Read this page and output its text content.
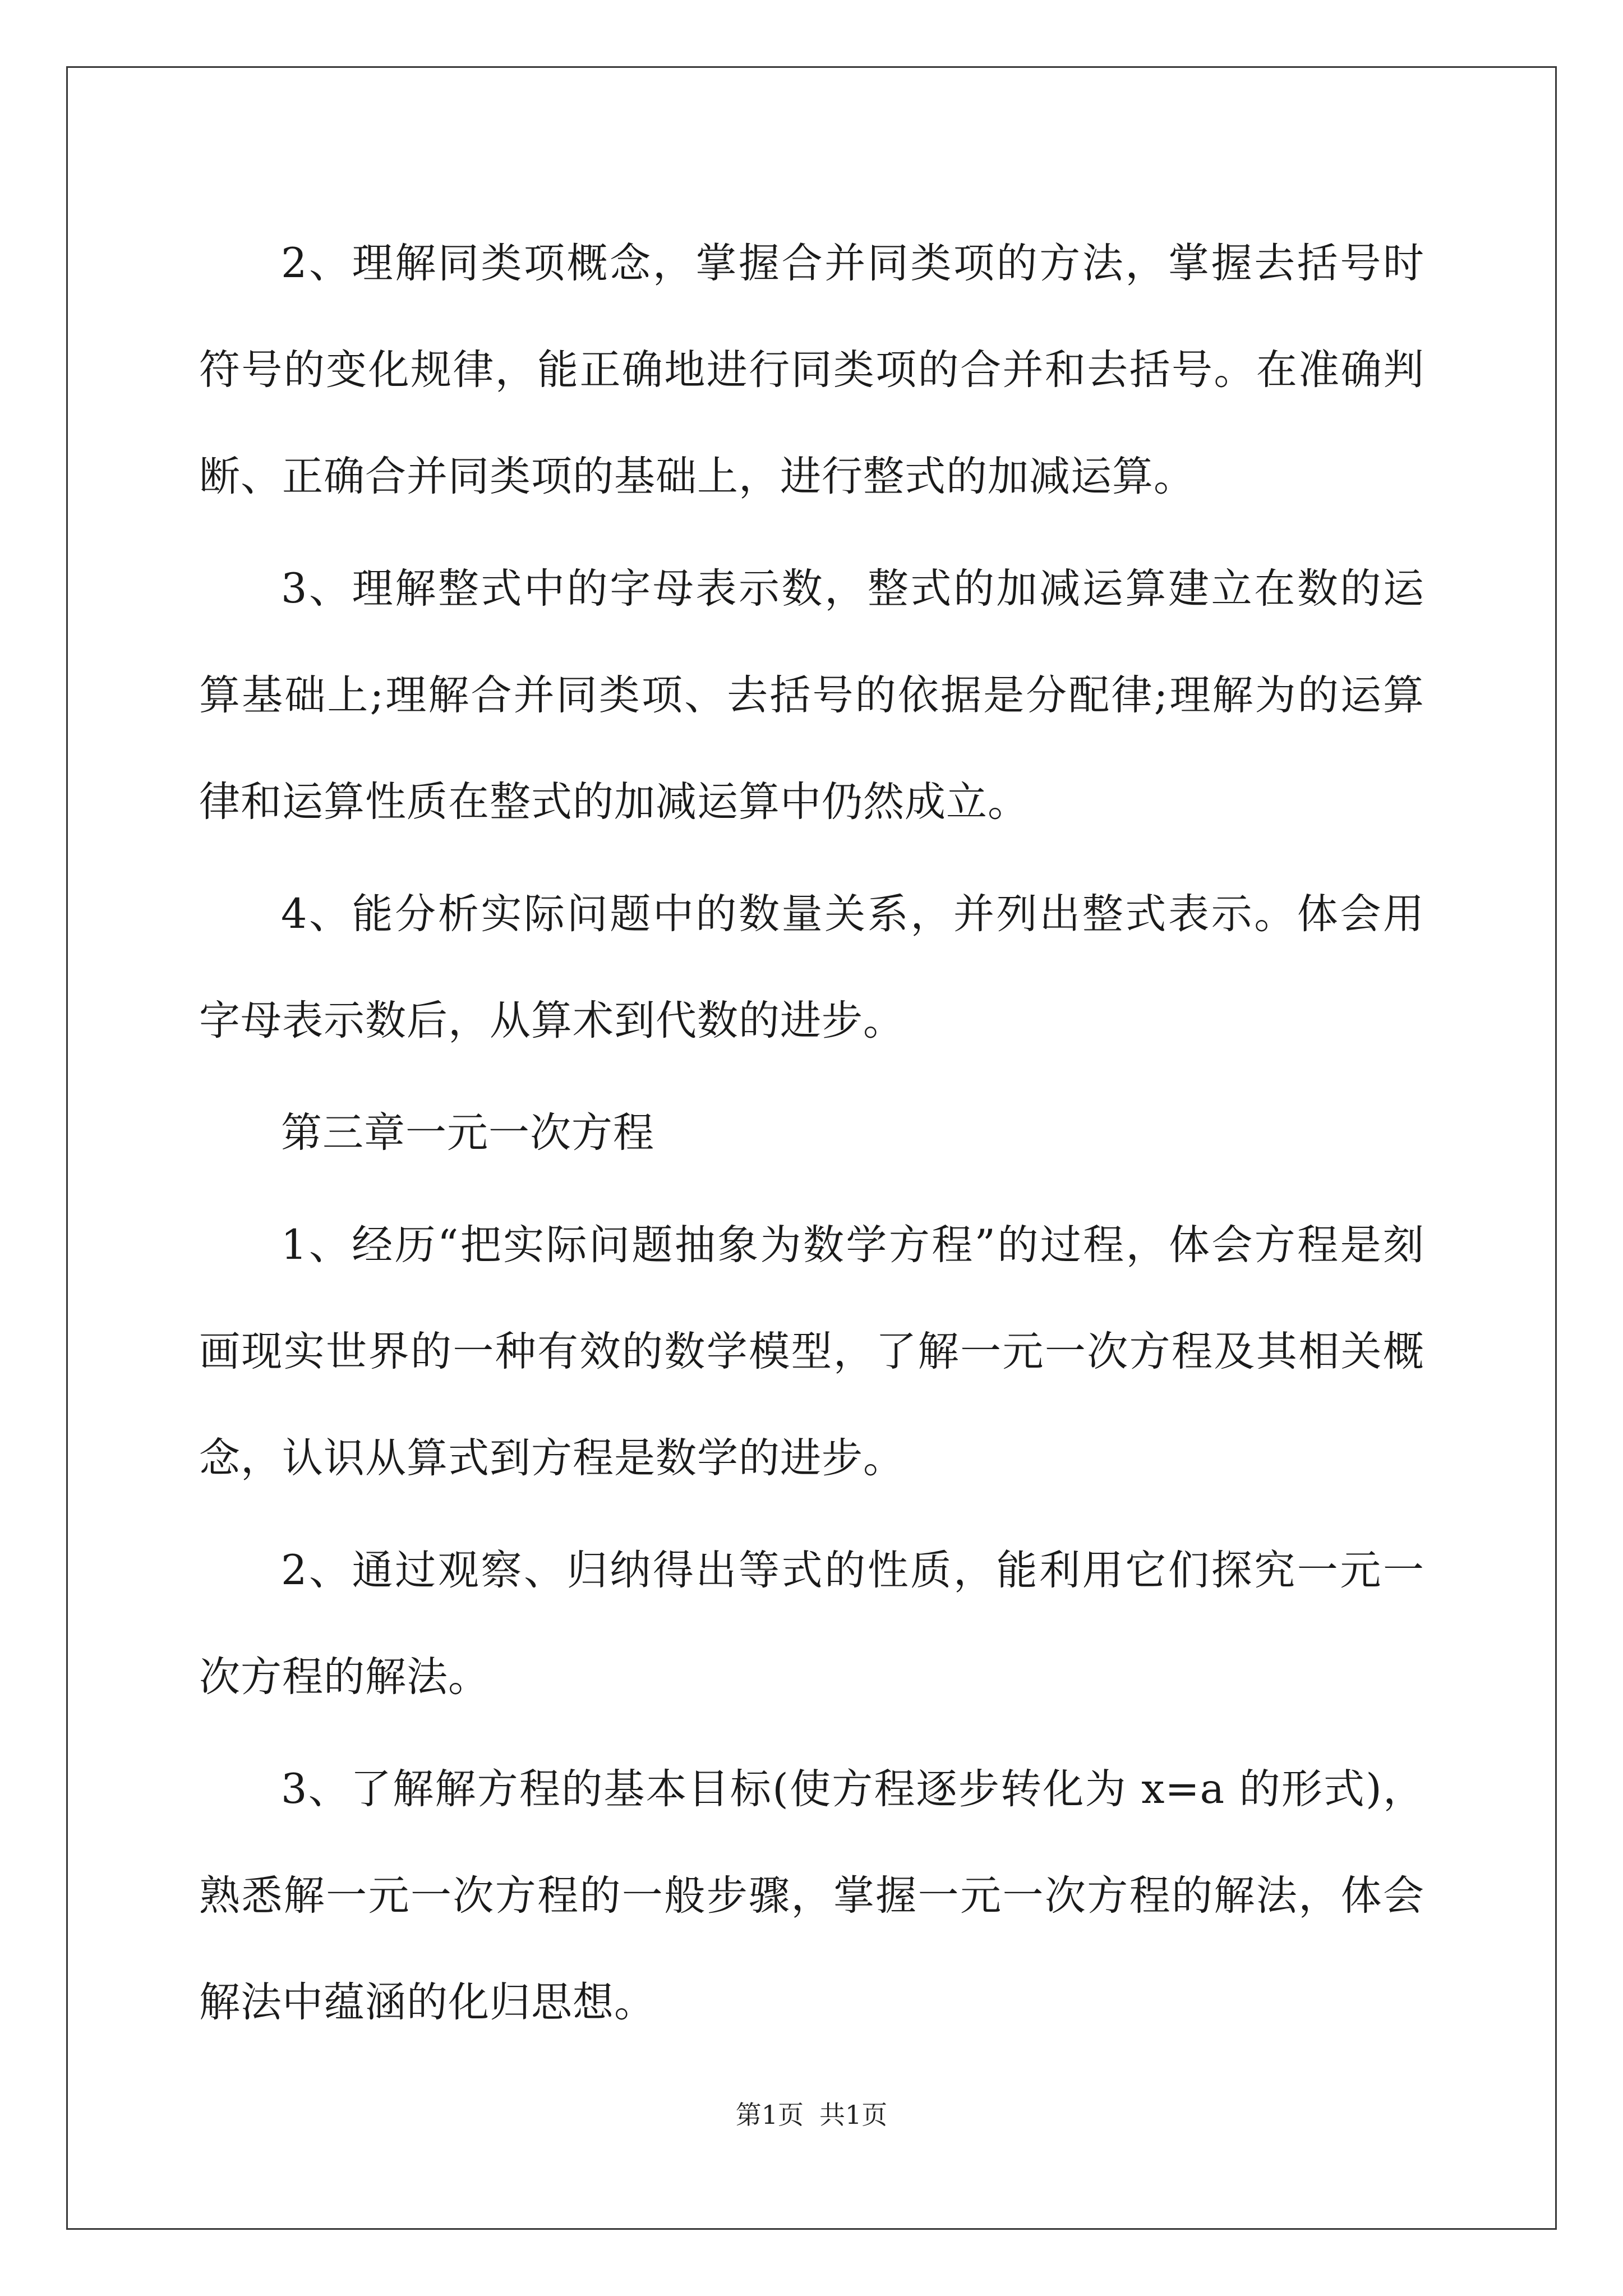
2、理解同类项概念，掌握合并同类项的方法，掌握去括号时符号的变化规律，能正确地进行同类项的合并和去括号。在准确判断、正确合并同类项的基础上，进行整式的加减运算。

3、理解整式中的字母表示数，整式的加减运算建立在数的运算基础上;理解合并同类项、去括号的依据是分配律;理解为的运算律和运算性质在整式的加减运算中仍然成立。

4、能分析实际问题中的数量关系，并列出整式表示。体会用字母表示数后，从算术到代数的进步。

第三章一元一次方程

1、经历“把实际问题抽象为数学方程”的过程，体会方程是刻画现实世界的一种有效的数学模型，了解一元一次方程及其相关概念，认识从算式到方程是数学的进步。

2、通过观察、归纳得出等式的性质，能利用它们探究一元一次方程的解法。

3、了解解方程的基本目标(使方程逐步转化为 x=a 的形式)，熟悉解一元一次方程的一般步骤，掌握一元一次方程的解法，体会解法中蕴涵的化归思想。

第1页 共1页
